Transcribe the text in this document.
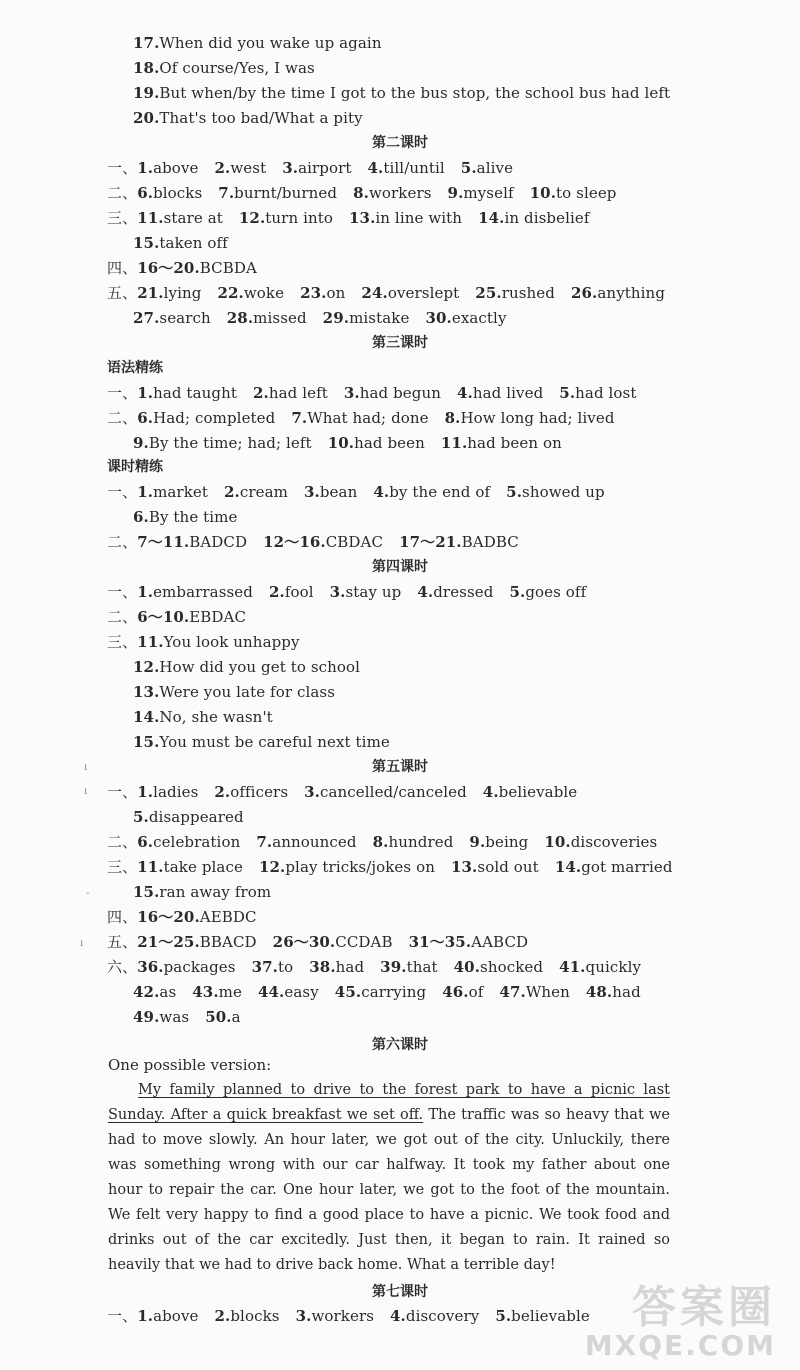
17.When did you wake up again
18.Of course/Yes, I was
19.But when/by the time I got to the bus stop, the school bus had left
20.That's too bad/What a pity
一、1.above 2.west 3.airport 4.till/until 5.alive
二、6.blocks 7.burnt/burned 8.workers 9.myself 10.to sleep
三、11.stare at 12.turn into 13.in line with 14.in disbelief
15.taken off
四、16～20.BCBDA
五、21.lying 22.woke 23.on 24.overslept 25.rushed 26.anything
27.search 28.missed 29.mistake 30.exactly
一、1.had taught 2.had left 3.had begun 4.had lived 5.had lost
二、6.Had; completed 7.What had; done 8.How long had; lived
9.By the time; had; left 10.had been 11.had been on
一、1.market 2.cream 3.bean 4.by the end of 5.showed up
6.By the time
二、7～11.BADCD 12～16.CBDAC 17～21.BADBC
一、1.embarrassed 2.fool 3.stay up 4.dressed 5.goes off
二、6～10.EBDAC
三、11.You look unhappy
12.How did you get to school
13.Were you late for class
14.No, she wasn't
15.You must be careful next time
一、1.ladies 2.officers 3.cancelled/canceled 4.believable
5.disappeared
二、6.celebration 7.announced 8.hundred 9.being 10.discoveries
三、11.take place 12.play tricks/jokes on 13.sold out 14.got married
15.ran away from
四、16～20.AEBDC
五、21～25.BBACD 26～30.CCDAB 31～35.AABCD
六、36.packages 37.to 38.had 39.that 40.shocked 41.quickly
42.as 43.me 44.easy 45.carrying 46.of 47.When 48.had
49.was 50.a
一、1.above 2.blocks 3.workers 4.discovery 5.believable
第二课时
第三课时
第四课时
第五课时
第六课时
第七课时
语法精练
课时精练
One possible version:
My family planned to drive to the forest park to have a picnic last Sunday. After a quick breakfast we set off. The traffic was so heavy that we had to move slowly. An hour later, we got out of the city. Unluckily, there was something wrong with our car halfway. It took my father about one hour to repair the car. One hour later, we got to the foot of the mountain. We felt very happy to find a good place to have a picnic. We took food and drinks out of the car excitedly. Just then, it began to rain. It rained so heavily that we had to drive back home. What a terrible day!
ı
ı
-
ı
答案圈
MXQE.COM
